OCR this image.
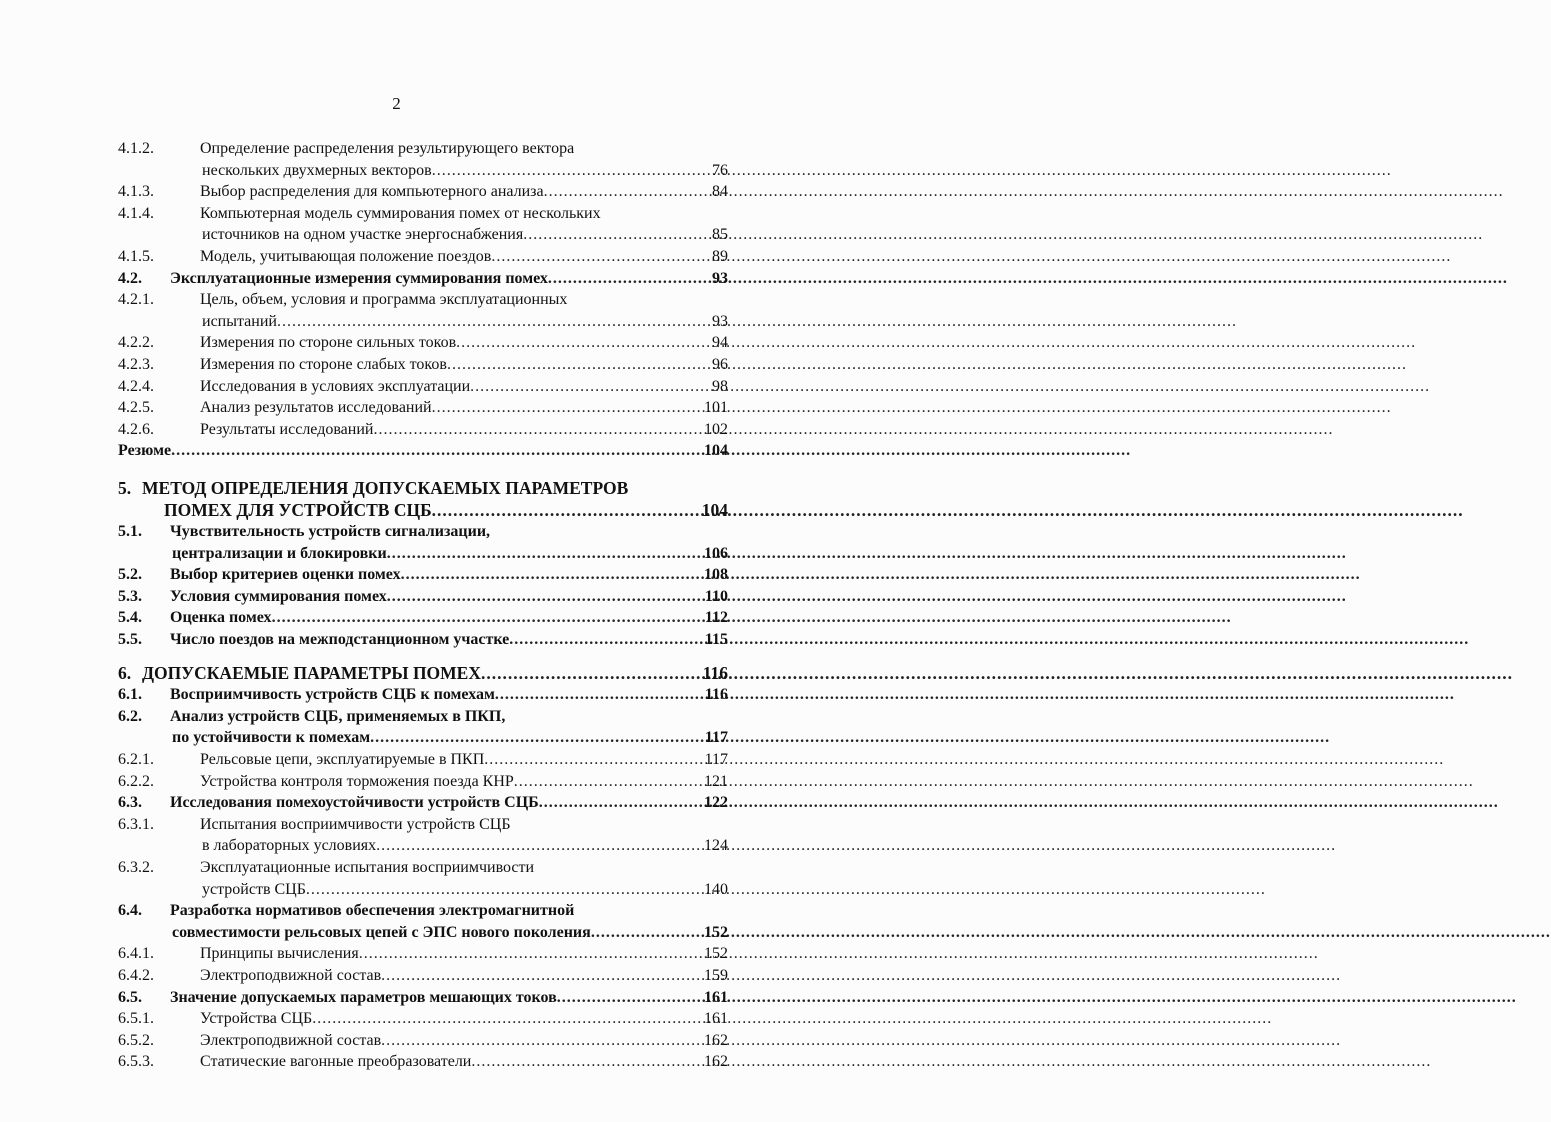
2
4.1.2.	Определение распределения результирующего вектора
нескольких двухмерных векторов .....	76
4.1.3.	Выбор распределения для компьютерного анализа .....	84
4.1.4.	Компьютерная модель суммирования помех от нескольких
источников на одном участке энергоснабжения .....	85
4.1.5.	Модель, учитывающая положение поездов .....	89
4.2.	Эксплуатационные измерения суммирования помех .....	93
4.2.1.	Цель, объем, условия и программа эксплуатационных
испытаний .....	93
4.2.2.	Измерения по стороне сильных токов .....	94
4.2.3.	Измерения по стороне слабых токов .....	96
4.2.4.	Исследования в условиях эксплуатации .....	98
4.2.5.	Анализ результатов исследований .....	101
4.2.6.	Результаты исследований .....	102
Резюме .....	104
5. МЕТОД ОПРЕДЕЛЕНИЯ ДОПУСКАЕМЫХ ПАРАМЕТРОВ
ПОМЕХ ДЛЯ УСТРОЙСТВ СЦБ .....	104
5.1.	Чувствительность устройств сигнализации,
централизации и блокировки .....	106
5.2.	Выбор критериев оценки помех .....	108
5.3.	Условия суммирования помех .....	110
5.4.	Оценка помех .....	112
5.5.	Число поездов на межподстанционном участке .....	115
6. ДОПУСКАЕМЫЕ ПАРАМЕТРЫ ПОМЕХ .....	116
6.1.	Восприимчивость устройств СЦБ к помехам .....	116
6.2.	Анализ устройств СЦБ, применяемых в ПКП,
по устойчивости к помехам .....	117
6.2.1.	Рельсовые цепи, эксплуатируемые в ПКП .....	117
6.2.2.	Устройства контроля торможения поезда КНР .....	121
6.3.	Исследования помехоустойчивости устройств СЦБ .....	122
6.3.1.	Испытания восприимчивости устройств СЦБ
в лабораторных условиях .....	124
6.3.2.	Эксплуатационные испытания восприимчивости
устройств СЦБ .....	140
6.4.	Разработка нормативов обеспечения электромагнитной
совместимости рельсовых цепей с ЭПС нового поколения .....	152
6.4.1.	Принципы вычисления .....	152
6.4.2.	Электроподвижной состав .....	159
6.5.	Значение допускаемых параметров мешающих токов .....	161
6.5.1.	Устройства СЦБ .....	161
6.5.2.	Электроподвижной состав .....	162
6.5.3.	Статические вагонные преобразователи .....	162
